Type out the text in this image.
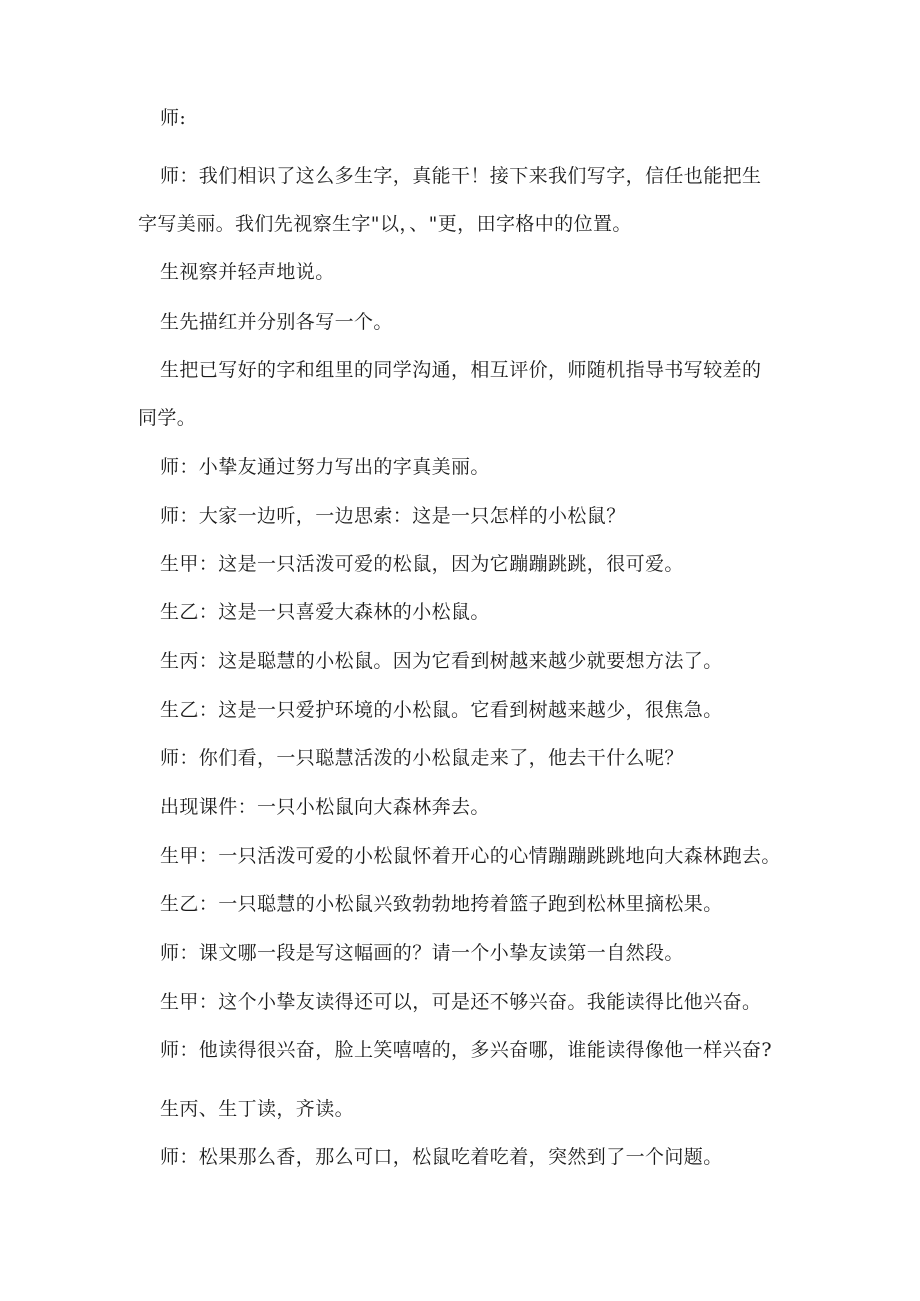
师:
师：我们相识了这么多生字，真能干！接下来我们写字，信任也能把生
字写美丽。我们先视察生字"以，、"更，田字格中的位置。
生视察并轻声地说。
生先描红并分别各写一个。
生把已写好的字和组里的同学沟通，相互评价，师随机指导书写较差的
同学。
师：小挚友通过努力写出的字真美丽。
师：大家一边听，一边思索：这是一只怎样的小松鼠？
生甲：这是一只活泼可爱的松鼠，因为它蹦蹦跳跳，很可爱。
生乙：这是一只喜爱大森林的小松鼠。
生丙：这是聪慧的小松鼠。因为它看到树越来越少就要想方法了。
生乙：这是一只爱护环境的小松鼠。它看到树越来越少，很焦急。
师：你们看，一只聪慧活泼的小松鼠走来了，他去干什么呢？
出现课件：一只小松鼠向大森林奔去。
生甲：一只活泼可爱的小松鼠怀着开心的心情蹦蹦跳跳地向大森林跑去。
生乙：一只聪慧的小松鼠兴致勃勃地挎着篮子跑到松林里摘松果。
师：课文哪一段是写这幅画的？请一个小挚友读第一自然段。
生甲：这个小挚友读得还可以，可是还不够兴奋。我能读得比他兴奋。
师：他读得很兴奋，脸上笑嘻嘻的，多兴奋哪，谁能读得像他一样兴奋?
生丙、生丁读，齐读。
师：松果那么香，那么可口，松鼠吃着吃着，突然到了一个问题。
